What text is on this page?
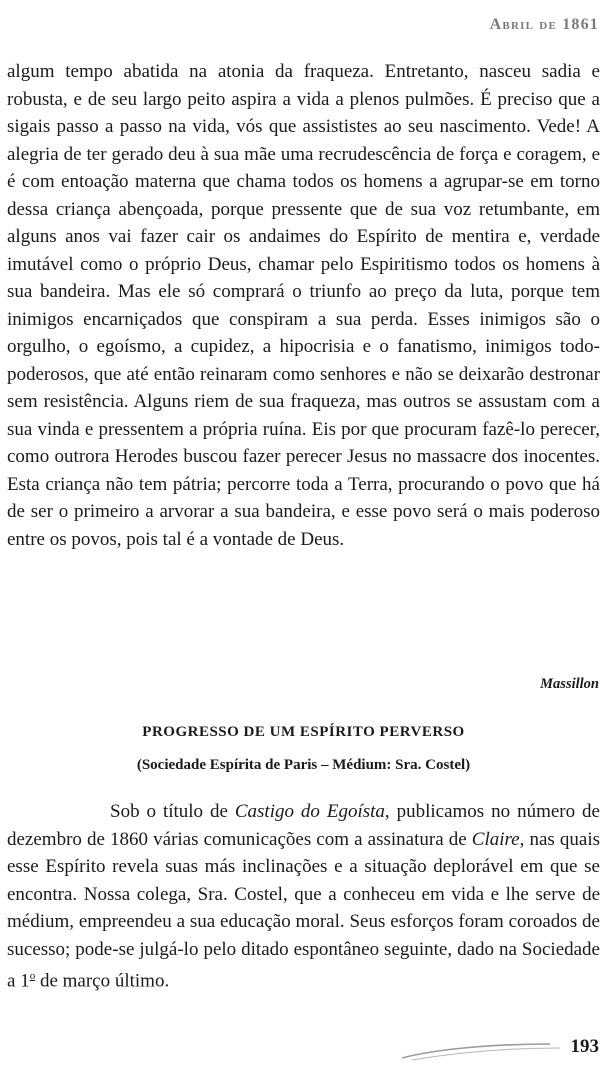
Abril de 1861
algum tempo abatida na atonia da fraqueza. Entretanto, nasceu sadia e robusta, e de seu largo peito aspira a vida a plenos pulmões. É preciso que a sigais passo a passo na vida, vós que assististes ao seu nascimento. Vede! A alegria de ter gerado deu à sua mãe uma recrudescência de força e coragem, e é com entoação materna que chama todos os homens a agrupar-se em torno dessa criança abençoada, porque pressente que de sua voz retumbante, em alguns anos vai fazer cair os andaimes do Espírito de mentira e, verdade imutável como o próprio Deus, chamar pelo Espiritismo todos os homens à sua bandeira. Mas ele só comprará o triunfo ao preço da luta, porque tem inimigos encarniçados que conspiram a sua perda. Esses inimigos são o orgulho, o egoísmo, a cupidez, a hipocrisia e o fanatismo, inimigos todo-poderosos, que até então reinaram como senhores e não se deixarão destronar sem resistência. Alguns riem de sua fraqueza, mas outros se assustam com a sua vinda e pressentem a própria ruína. Eis por que procuram fazê-lo perecer, como outrora Herodes buscou fazer perecer Jesus no massacre dos inocentes. Esta criança não tem pátria; percorre toda a Terra, procurando o povo que há de ser o primeiro a arvorar a sua bandeira, e esse povo será o mais poderoso entre os povos, pois tal é a vontade de Deus.
Massillon
PROGRESSO DE UM ESPÍRITO PERVERSO
(Sociedade Espírita de Paris – Médium: Sra. Costel)
Sob o título de Castigo do Egoísta, publicamos no número de dezembro de 1860 várias comunicações com a assinatura de Claire, nas quais esse Espírito revela suas más inclinações e a situação deplorável em que se encontra. Nossa colega, Sra. Costel, que a conheceu em vida e lhe serve de médium, empreendeu a sua educação moral. Seus esforços foram coroados de sucesso; pode-se julgá-lo pelo ditado espontâneo seguinte, dado na Sociedade a 1$^o$ de março último.
193
